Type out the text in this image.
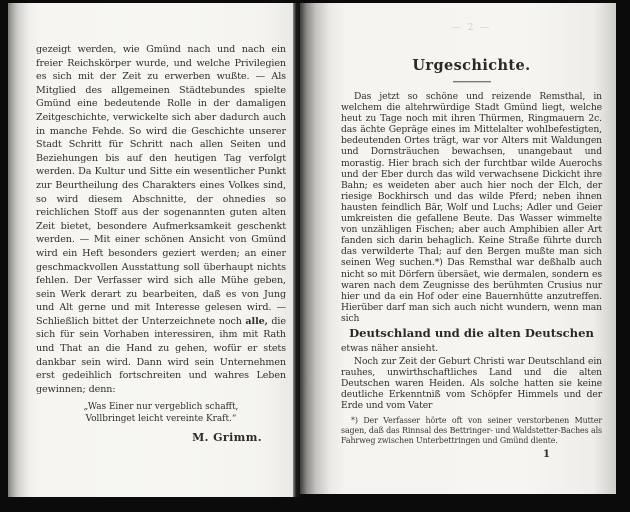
gezeigt werden, wie Gmünd nach und nach ein freier Reichskörper wurde, und welche Privilegien es sich mit der Zeit zu erwerben wußte. — Als Mitglied des allgemeinen Städtebundes spielte Gmünd eine bedeutende Rolle in der damaligen Zeitgeschichte, verwickelte sich aber dadurch auch in manche Fehde. So wird die Geschichte unserer Stadt Schritt für Schritt nach allen Seiten und Beziehungen bis auf den heutigen Tag verfolgt werden. Da Kultur und Sitte ein wesentlicher Punkt zur Beurtheilung des Charakters eines Volkes sind, so wird diesem Abschnitte, der ohnedies so reichlichen Stoff aus der sogenannten guten alten Zeit bietet, besondere Aufmerksamkeit geschenkt werden. — Mit einer schönen Ansicht von Gmünd wird ein Heft besonders geziert werden; an einer geschmackvollen Ausstattung soll überhaupt nichts fehlen. Der Verfasser wird sich alle Mühe geben, sein Werk derart zu bearbeiten, daß es von Jung und Alt gerne und mit Interesse gelesen wird. — Schließlich bittet der Unterzeichnete noch alle, die sich für sein Vorhaben interessiren, ihm mit Rath und That an die Hand zu gehen, wofür er stets dankbar sein wird. Dann wird sein Unternehmen erst gedeihlich fortschreiten und wahres Leben gewinnen; denn:
„Was Einer nur vergeblich schafft,
Vollbringet leicht vereinte Kraft.“
M. Grimm.
— 2 —
Urgeschichte.
Das jetzt so schöne und reizende Remsthal, in welchem die altehrwürdige Stadt Gmünd liegt, welche heut zu Tage noch mit ihren Thürmen, Ringmauern 2c. das ächte Gepräge eines im Mittelalter wohlbefestigten, bedeutenden Ortes trägt, war vor Alters mit Waldungen und Dornsträuchen bewachsen, unangebaut und morastig. Hier brach sich der furchtbar wilde Auerochs und der Eber durch das wild verwachsene Dickicht ihre Bahn; es weideten aber auch hier noch der Elch, der riesige Bockhirsch und das wilde Pferd; neben ihnen hausten feindlich Bär, Wolf und Luchs; Adler und Geier umkreisten die gefallene Beute. Das Wasser wimmelte von unzähligen Fischen; aber auch Amphibien aller Art fanden sich darin behaglich. Keine Straße führte durch das verwilderte Thal; auf den Bergen mußte man sich seinen Weg suchen.*) Das Remsthal war deßhalb auch nicht so mit Dörfern übersäet, wie dermalen, sondern es waren nach dem Zeugnisse des berühmten Crusius nur hier und da ein Hof oder eine Bauernhütte anzutreffen. Hierüber darf man sich auch nicht wundern, wenn man sich
Deutschland und die alten Deutschen
etwas näher ansieht.
Noch zur Zeit der Geburt Christi war Deutschland ein rauhes, unwirthschaftliches Land und die alten Deutschen waren Heiden. Als solche hatten sie keine deutliche Erkenntniß vom Schöpfer Himmels und der Erde und vom Vater
*) Der Verfasser hörte oft von seiner verstorbenen Mutter sagen, daß das Rinnsal des Bettringer- und Waldstetter-Baches als Fahrweg zwischen Unterbettringen und Gmünd diente.
1
